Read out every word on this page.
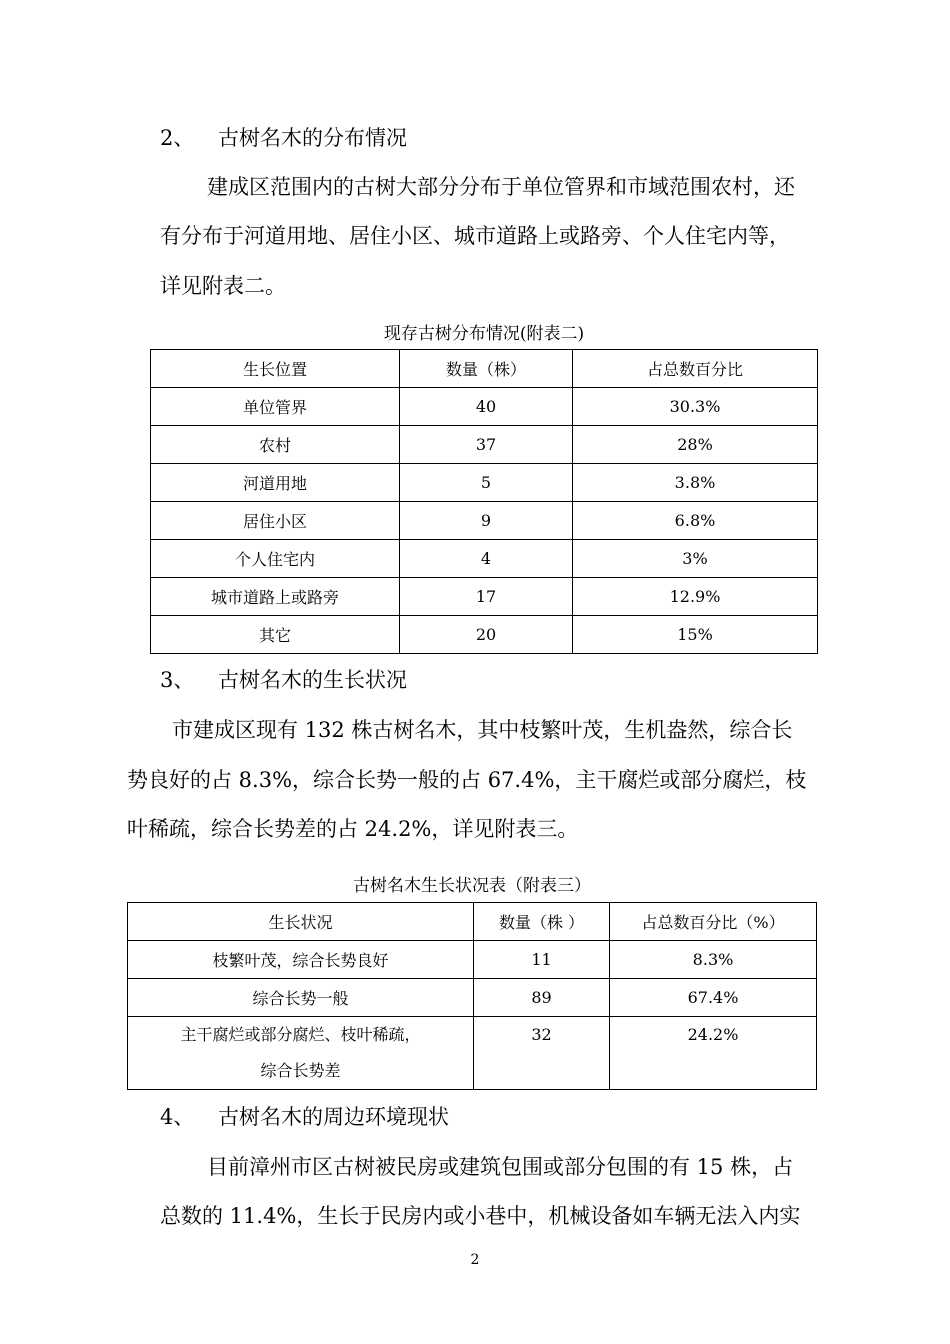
2、 古树名木的分布情况
建成区范围内的古树大部分分布于单位管界和市域范围农村，还
有分布于河道用地、居住小区、城市道路上或路旁、个人住宅内等，
详见附表二。
现存古树分布情况(附表二)
生长位置	数量（株）	占总数百分比
单位管界	40	30.3%
农村	37	28%
河道用地	5	3.8%
居住小区	9	6.8%
个人住宅内	4	3%
城市道路上或路旁	17	12.9%
其它	20	15%
3、 古树名木的生长状况
市建成区现有 132 株古树名木，其中枝繁叶茂，生机盎然，综合长
势良好的占 8.3%，综合长势一般的占 67.4%，主干腐烂或部分腐烂，枝
叶稀疏，综合长势差的占 24.2%，详见附表三。
古树名木生长状况表（附表三）
生长状况	数量（株 ）	占总数百分比（%）
枝繁叶茂，综合长势良好	11	8.3%
综合长势一般	89	67.4%

主干腐烂或部分腐烂、枝叶稀疏，
综合长势差	32	24.2%
4、 古树名木的周边环境现状
目前漳州市区古树被民房或建筑包围或部分包围的有 15 株，占
总数的 11.4%，生长于民房内或小巷中，机械设备如车辆无法入内实
2
